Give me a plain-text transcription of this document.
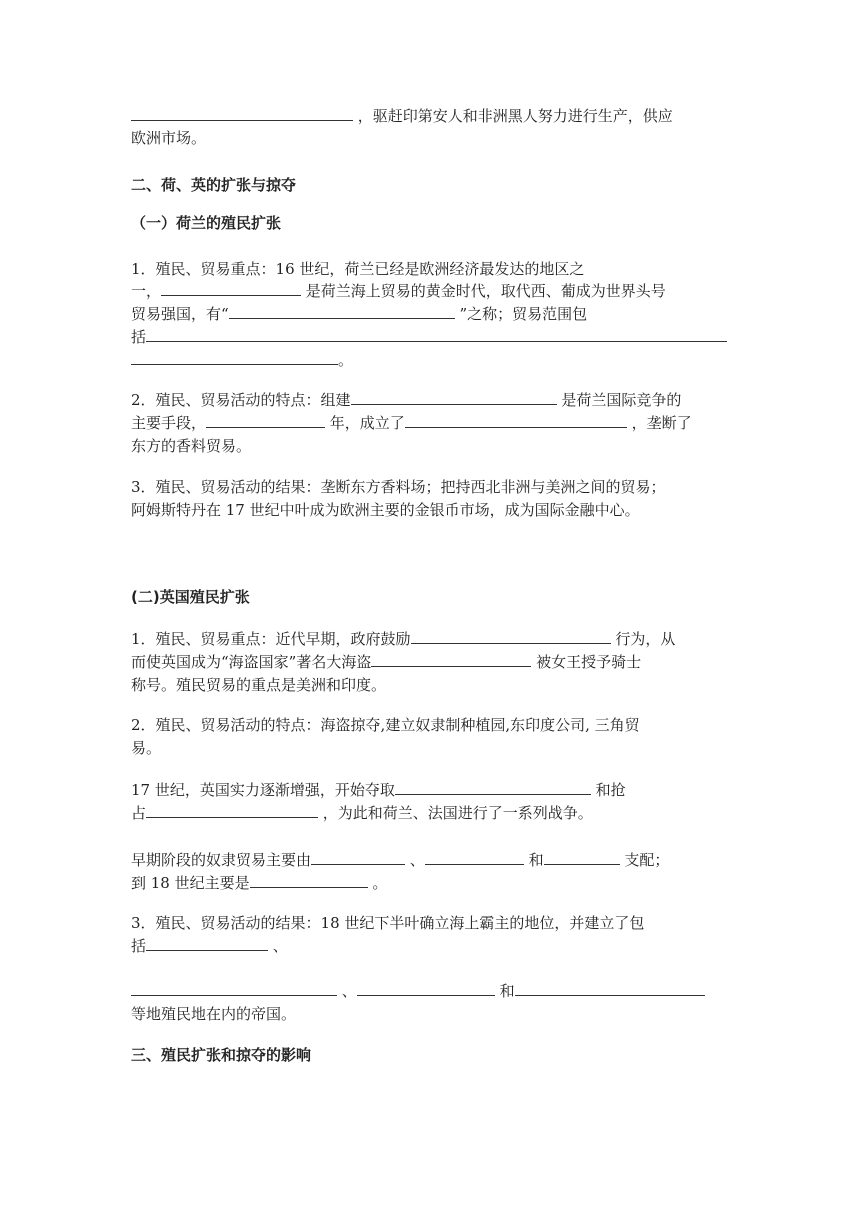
，驱赶印第安人和非洲黑人努力进行生产，供应
欧洲市场。
二、荷、英的扩张与掠夺
（一）荷兰的殖民扩张
1．殖民、贸易重点：16 世纪，荷兰已经是欧洲经济最发达的地区之
一，	是荷兰海上贸易的黄金时代，取代西、葡成为世界头号
贸易强国，有“	”之称；贸易范围包
括
。
2．殖民、贸易活动的特点：组建	是荷兰国际竞争的
主要手段，	年，成立了	，垄断了
东方的香料贸易。
3．殖民、贸易活动的结果：垄断东方香料场；把持西北非洲与美洲之间的贸易；
阿姆斯特丹在 17 世纪中叶成为欧洲主要的金银币市场，成为国际金融中心。
(二)英国殖民扩张
1．殖民、贸易重点：近代早期，政府鼓励	行为，从
而使英国成为“海盗国家”著名大海盗	被女王授予骑士
称号。殖民贸易的重点是美洲和印度。
2．殖民、贸易活动的特点：海盗掠夺,建立奴隶制种植园,东印度公司, 三角贸
易。
17 世纪，英国实力逐渐增强，开始夺取	和抢
占	，为此和荷兰、法国进行了一系列战争。
早期阶段的奴隶贸易主要由	、	和	支配；
到 18 世纪主要是	。
3．殖民、贸易活动的结果：18 世纪下半叶确立海上霸主的地位，并建立了包
括	、
、	和
等地殖民地在内的帝国。
三、殖民扩张和掠夺的影响
